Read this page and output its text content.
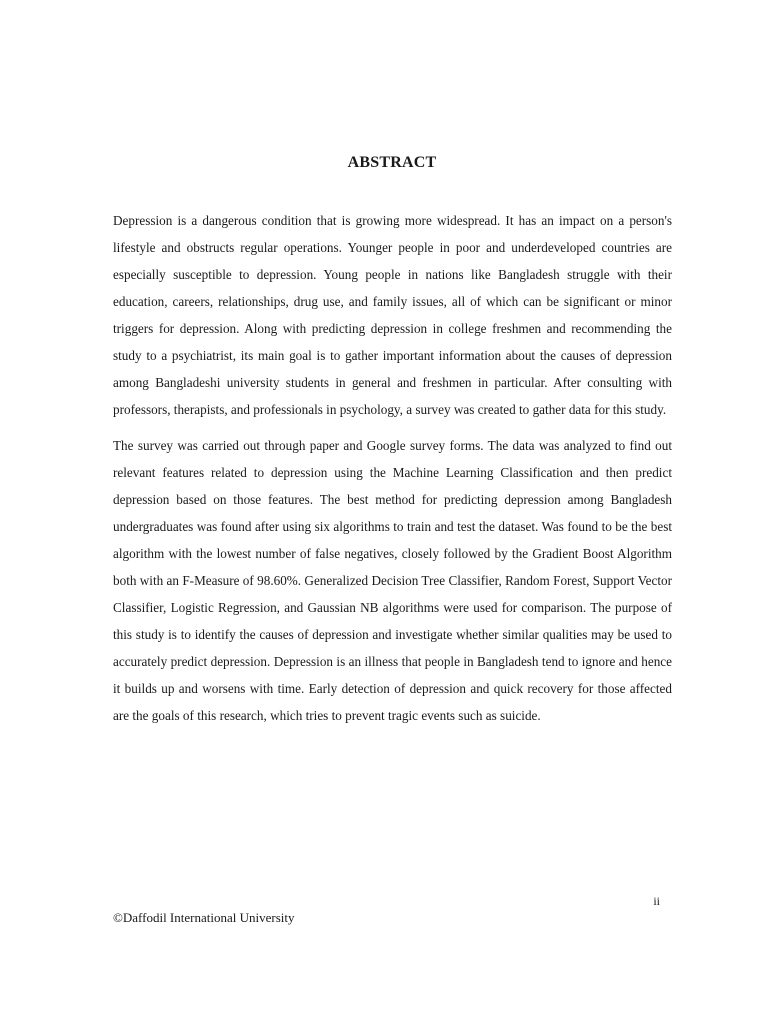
ABSTRACT

Depression is a dangerous condition that is growing more widespread. It has an impact on a person's lifestyle and obstructs regular operations. Younger people in poor and underdeveloped countries are especially susceptible to depression. Young people in nations like Bangladesh struggle with their education, careers, relationships, drug use, and family issues, all of which can be significant or minor triggers for depression. Along with predicting depression in college freshmen and recommending the study to a psychiatrist, its main goal is to gather important information about the causes of depression among Bangladeshi university students in general and freshmen in particular. After consulting with professors, therapists, and professionals in psychology, a survey was created to gather data for this study.

The survey was carried out through paper and Google survey forms. The data was analyzed to find out relevant features related to depression using the Machine Learning Classification and then predict depression based on those features. The best method for predicting depression among Bangladesh undergraduates was found after using six algorithms to train and test the dataset. Was found to be the best algorithm with the lowest number of false negatives, closely followed by the Gradient Boost Algorithm both with an F-Measure of 98.60%. Generalized Decision Tree Classifier, Random Forest, Support Vector Classifier, Logistic Regression, and Gaussian NB algorithms were used for comparison. The purpose of this study is to identify the causes of depression and investigate whether similar qualities may be used to accurately predict depression. Depression is an illness that people in Bangladesh tend to ignore and hence it builds up and worsens with time. Early detection of depression and quick recovery for those affected are the goals of this research, which tries to prevent tragic events such as suicide.

ii
©Daffodil International University
